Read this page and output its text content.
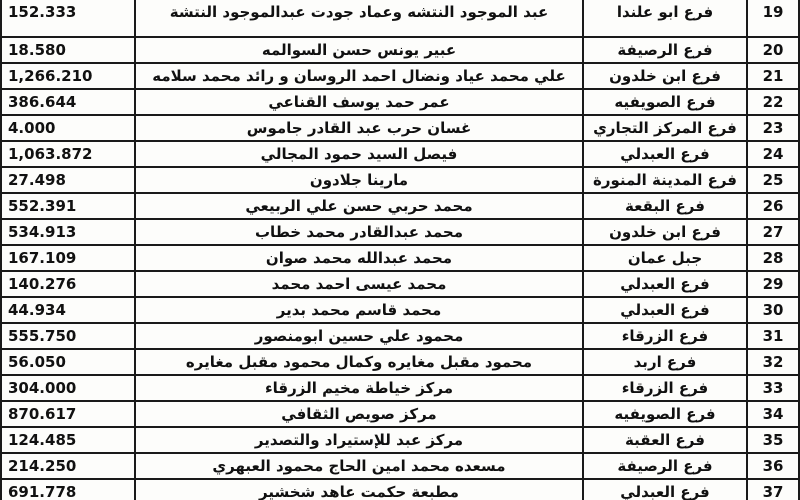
152.333	عبد الموجود النتشه وعماد جودت عبدالموجود النتشة	فرع ابو علندا	19
18.580	عبير يونس حسن السوالمه	فرع الرصيفة	20
1,266.210	علي محمد عياد ونضال احمد الروسان و رائد محمد سلامه	فرع ابن خلدون	21
386.644	عمر حمد يوسف القناعي	فرع الصويفيه	22
4.000	غسان حرب عبد القادر جاموس	فرع المركز التجاري	23
1,063.872	فيصل السيد حمود المجالي	فرع العبدلي	24
27.498	مارينا جلادون	فرع المدينة المنورة	25
552.391	محمد حربي حسن علي الربيعي	فرع البقعة	26
534.913	محمد عبدالقادر محمد خطاب	فرع ابن خلدون	27
167.109	محمد عبدالله محمد صوان	جبل عمان	28
140.276	محمد عيسى احمد محمد	فرع العبدلي	29
44.934	محمد قاسم محمد بدير	فرع العبدلي	30
555.750	محمود علي حسين ابومنصور	فرع الزرقاء	31
56.050	محمود مقبل مغايره وكمال محمود مقبل مغايره	فرع اربد	32
304.000	مركز خياطة مخيم الزرقاء	فرع الزرقاء	33
870.617	مركز صويص الثقافي	فرع الصويفيه	34
124.485	مركز عبد للإستيراد والتصدير	فرع العقبة	35
214.250	مسعده محمد امين الحاج محمود العبهري	فرع الرصيفة	36
691.778	مطبعة حكمت عاهد شخشير	فرع العبدلي	37
